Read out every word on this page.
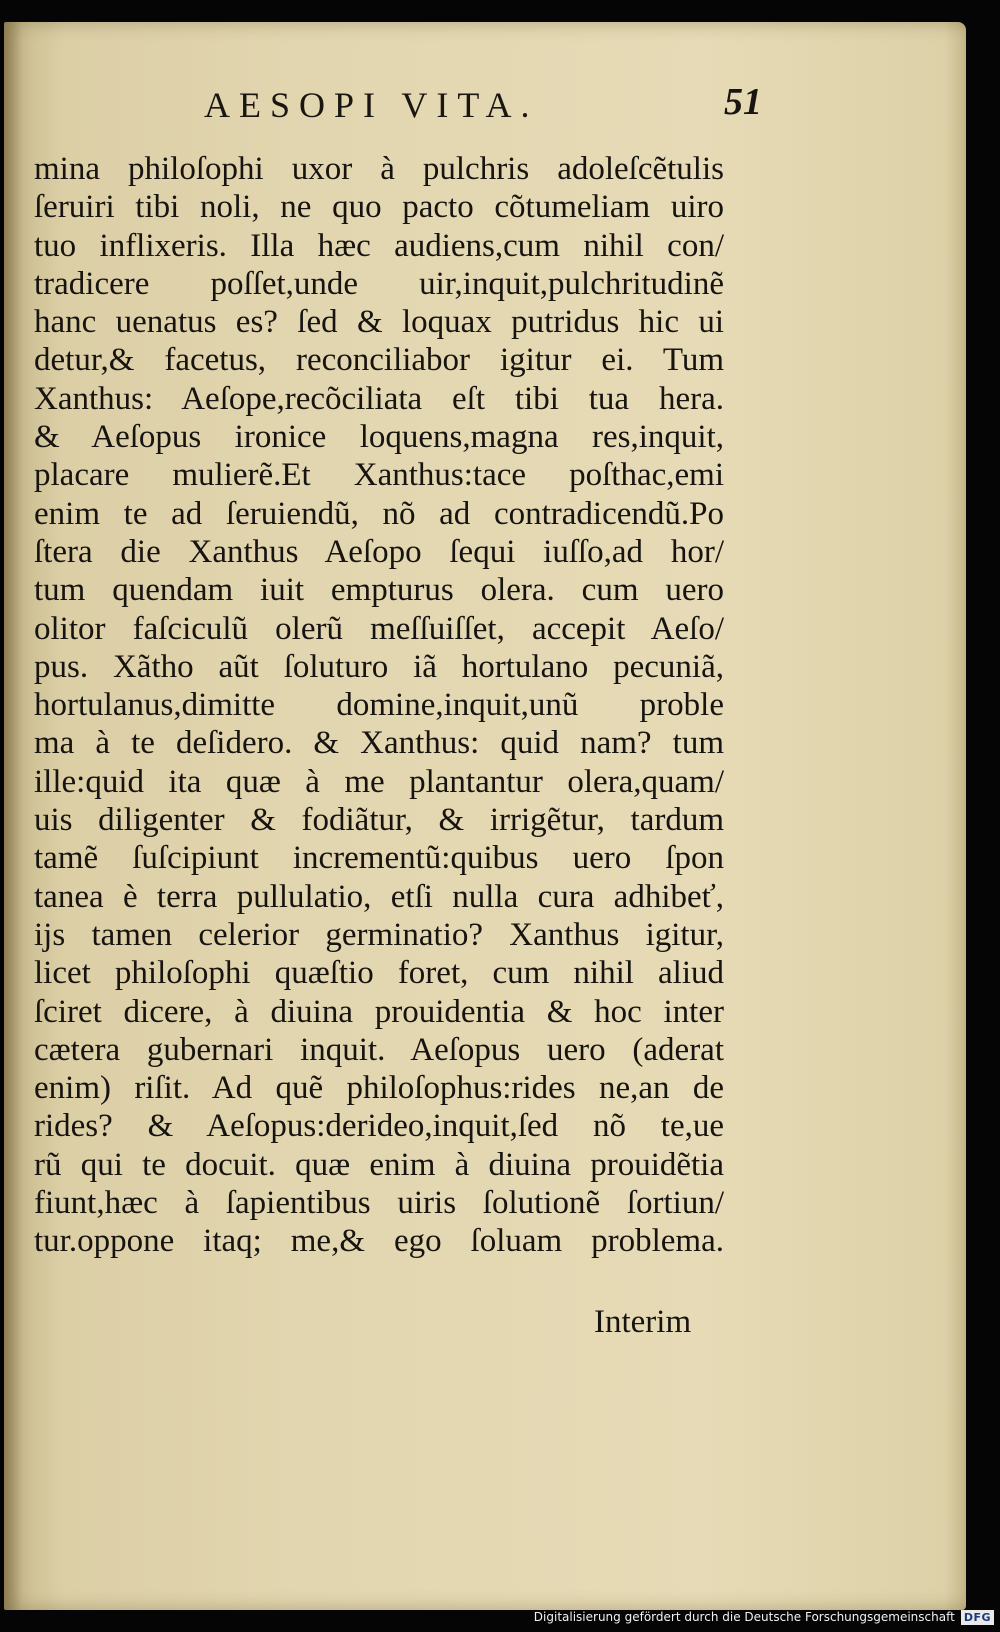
AESOPI VITA.	51
mina philoſophi uxor à pulchris adoleſcẽtulis
ſeruiri tibi noli, ne quo pacto cõtumeliam uiro
tuo inflixeris. Illa hæc audiens,cum nihil con/
tradicere poſſet,unde uir,inquit,pulchritudinẽ
hanc uenatus es? ſed & loquax putridus hic ui
detur,& facetus, reconciliabor igitur ei. Tum
Xanthus: Aeſope,recõciliata eſt tibi tua hera.
& Aeſopus ironice loquens,magna res,inquit,
placare mulierẽ.Et Xanthus:tace poſthac,emi
enim te ad ſeruiendũ, nõ ad contradicendũ.Po
ſtera die Xanthus Aeſopo ſequi iuſſo,ad hor/
tum quendam iuit empturus olera. cum uero
olitor faſciculũ olerũ meſſuiſſet, accepit Aeſo/
pus. Xãtho aũt ſoluturo iã hortulano pecuniã,
hortulanus,dimitte domine,inquit,unũ proble
ma à te deſidero. & Xanthus: quid nam? tum
ille:quid ita quæ à me plantantur olera,quam/
uis diligenter & fodiãtur, & irrigẽtur, tardum
tamẽ ſuſcipiunt incrementũ:quibus uero ſpon
tanea è terra pullulatio, etſi nulla cura adhibeť,
ijs tamen celerior germinatio? Xanthus igitur,
licet philoſophi quæſtio foret, cum nihil aliud
ſciret dicere, à diuina prouidentia & hoc inter
cætera gubernari inquit. Aeſopus uero (aderat
enim) riſit. Ad quẽ philoſophus:rides ne,an de
rides? & Aeſopus:derideo,inquit,ſed nõ te,ue
rũ qui te docuit. quæ enim à diuina prouidẽtia
fiunt,hæc à ſapientibus uiris ſolutionẽ ſortiun/
tur.oppone itaq; me,& ego ſoluam problema.
Interim
Digitalisierung gefördert durch die Deutsche Forschungsgemeinschaft DFG
